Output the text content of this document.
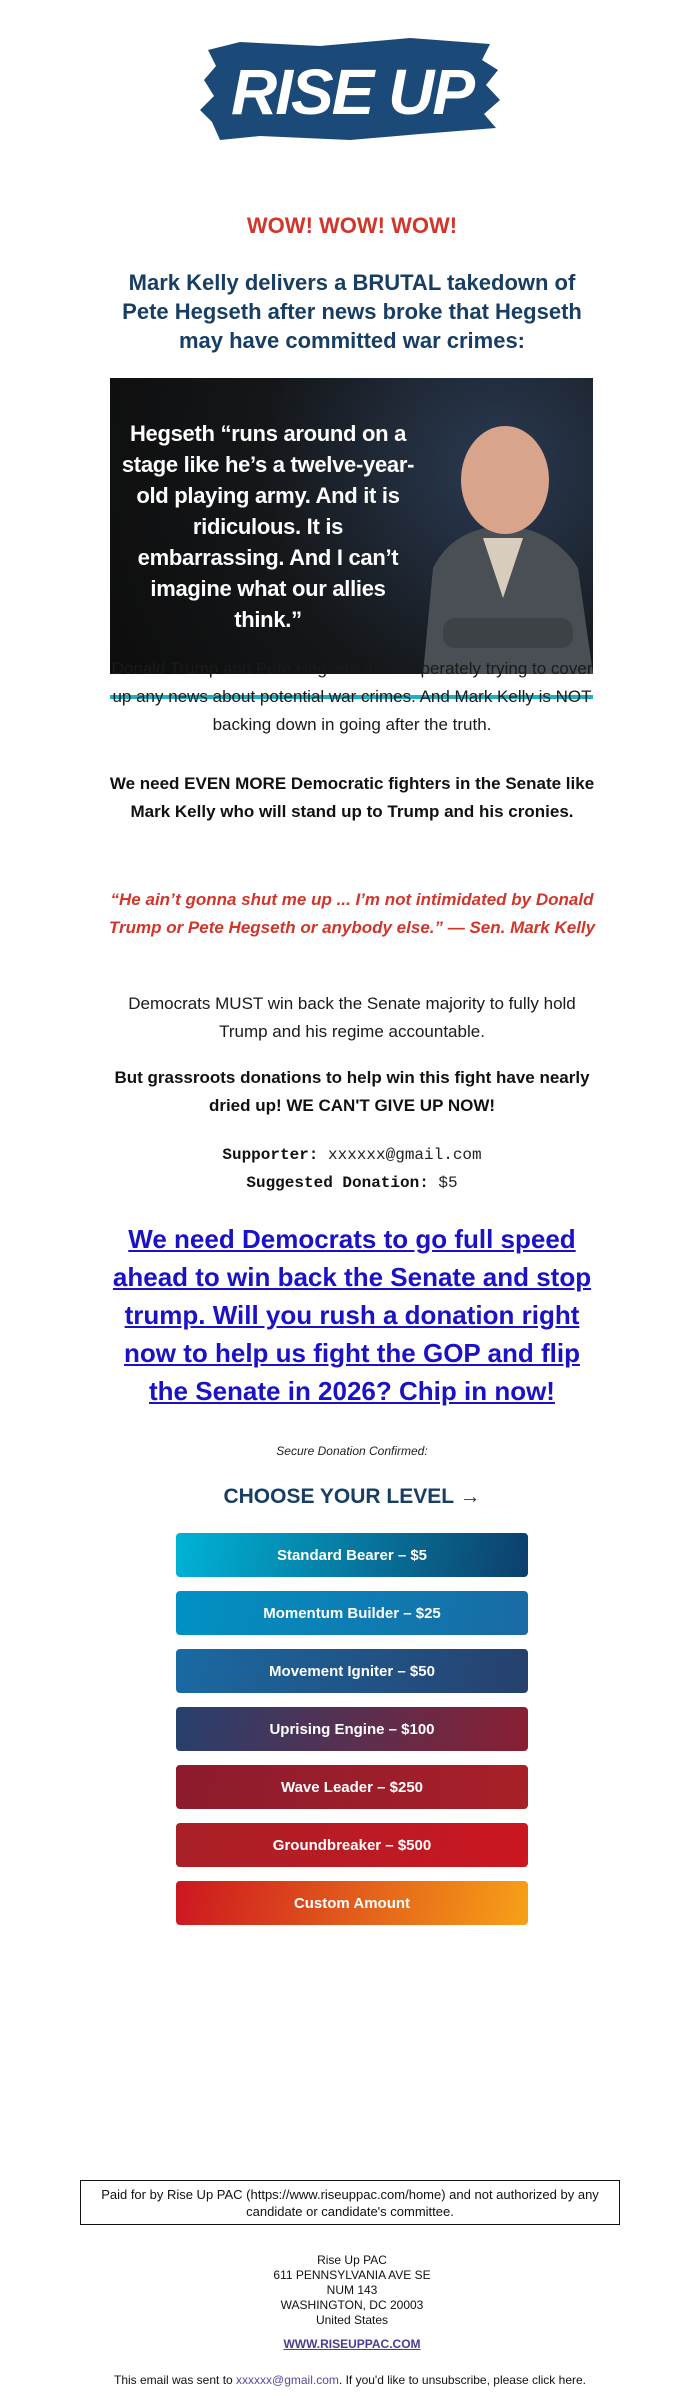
RISE UP
WOW! WOW! WOW!
Mark Kelly delivers a BRUTAL takedown of Pete Hegseth after news broke that Hegseth may have committed war crimes:
Hegseth “runs around on a stage like he’s a twelve-year-old playing army. And it is ridiculous. It is embarrassing. And I can’t imagine what our allies think.”
Donald Trump and Pete Hegseth are desperately trying to cover up any news about potential war crimes. And Mark Kelly is NOT backing down in going after the truth.
We need EVEN MORE Democratic fighters in the Senate like Mark Kelly who will stand up to Trump and his cronies.
“He ain’t gonna shut me up ... I’m not intimidated by Donald Trump or Pete Hegseth or anybody else.” — Sen. Mark Kelly
Democrats MUST win back the Senate majority to fully hold Trump and his regime accountable.
But grassroots donations to help win this fight have nearly dried up! WE CAN'T GIVE UP NOW!
Supporter: xxxxxx@gmail.com
Suggested Donation: $5
We need Democrats to go full speed ahead to win back the Senate and stop trump. Will you rush a donation right now to help us fight the GOP and flip the Senate in 2026? Chip in now!
Secure Donation Confirmed:
CHOOSE YOUR LEVEL →
Standard Bearer – $5
Momentum Builder – $25
Movement Igniter – $50
Uprising Engine – $100
Wave Leader – $250
Groundbreaker – $500
Custom Amount
Paid for by Rise Up PAC (https://www.riseuppac.com/home) and not authorized by any candidate or candidate's committee.
Rise Up PAC
611 PENNSYLVANIA AVE SE
NUM 143
WASHINGTON, DC 20003
United States
WWW.RISEUPPAC.COM
This email was sent to xxxxxx@gmail.com. If you'd like to unsubscribe, please click here.
